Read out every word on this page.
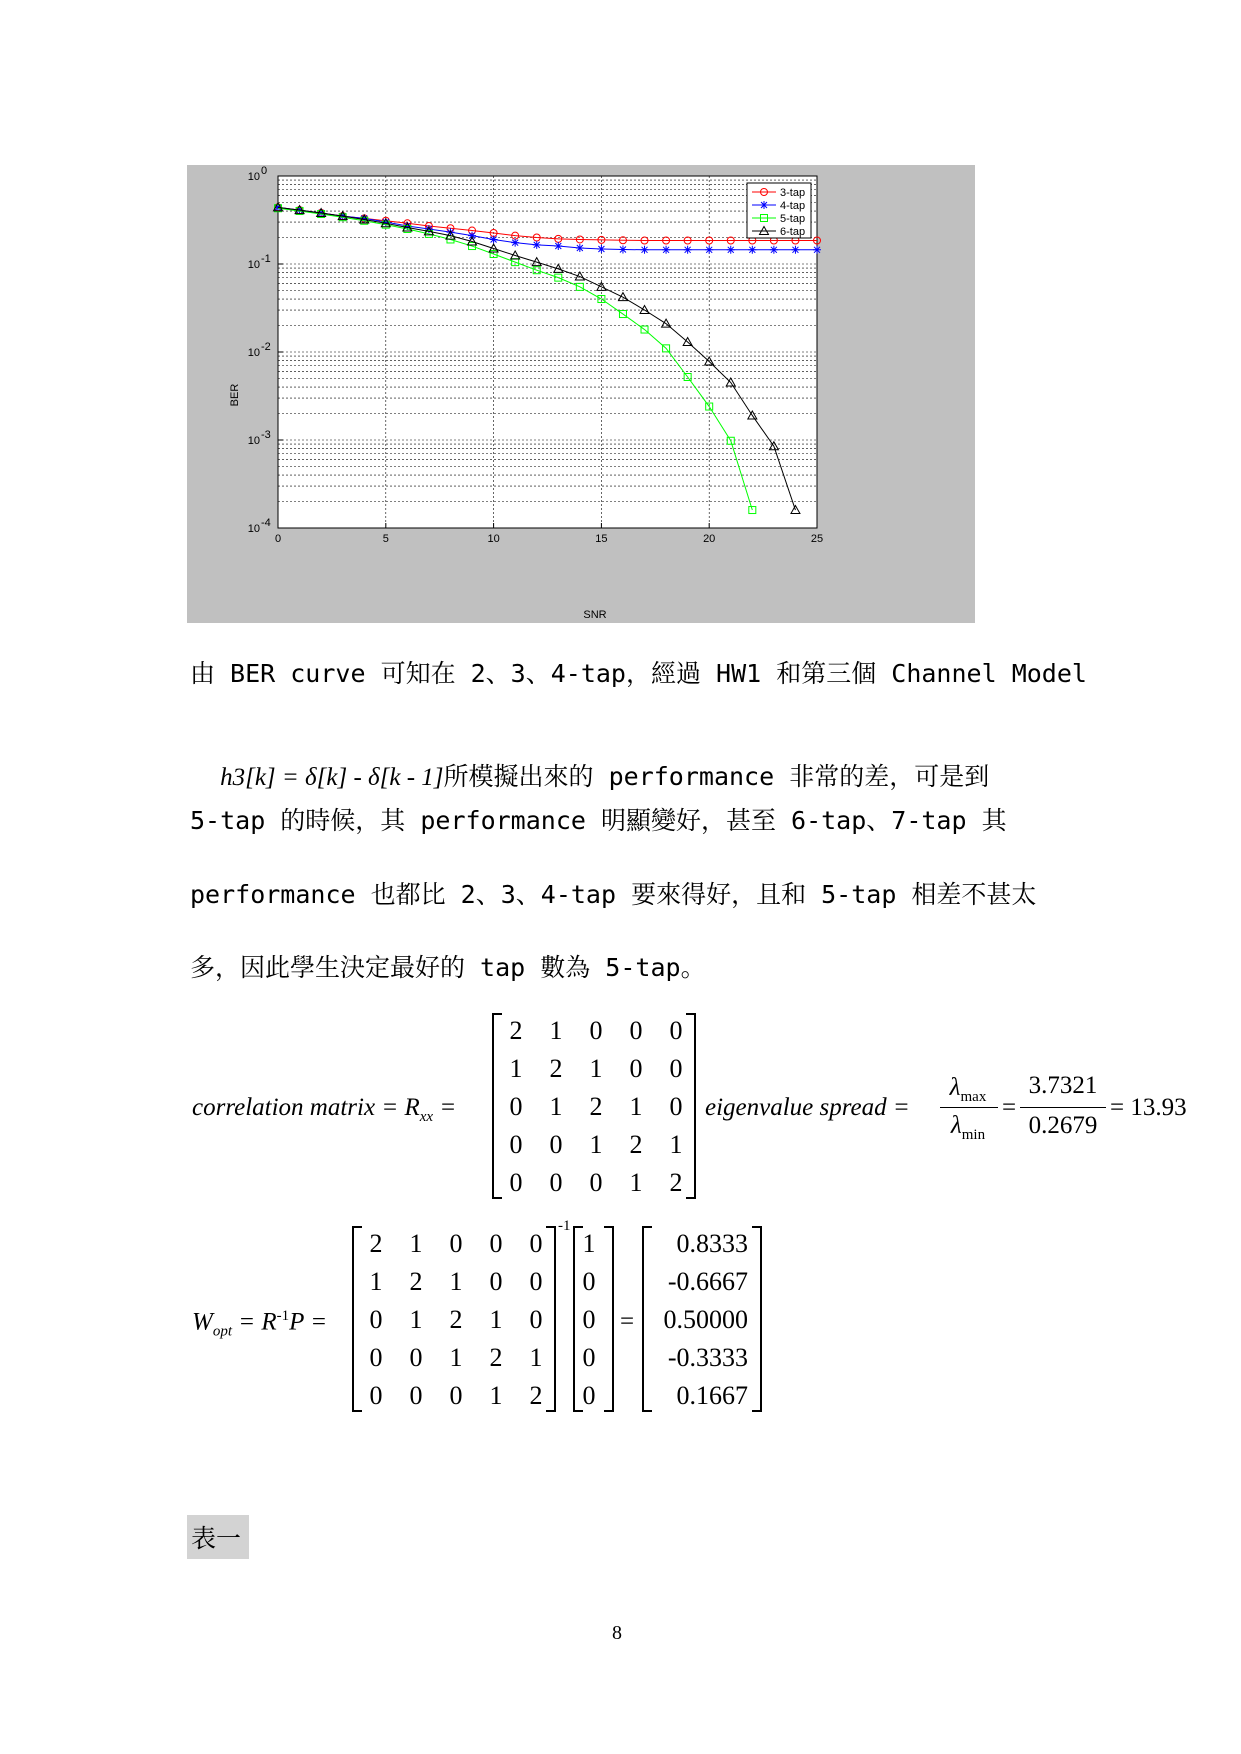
SNR
BER
0	5	10	15	20	25
10 0
10 -1
10 -2
10 -3
10 -4
3-tap
4-tap
5-tap
6-tap
由 BER curve 可知在 2、3、4-tap，經過 HW1 和第三個 Channel Model

h3[k] = δ[k] - δ[k - 1]所模擬出來的 performance 非常的差，可是到

5-tap 的時候，其 performance 明顯變好，甚至 6-tap、7-tap 其
performance 也都比 2、3、4-tap 要來得好，且和 5-tap 相差不甚太
多，因此學生決定最好的 tap 數為 5-tap。
correlation matrix = $R_{xx}$ =
2	1	0	0	0
1	2	1	0	0
0	1	2	1	0
0	0	1	2	1
0	0	0	1	2
eigenvalue spread =
$\lambda_{max}$
$\lambda_{min}$
=
3.7321
0.2679
= 13.93
$W_{opt} = R^{-1}P$ =
2	1	0	0	0
1	2	1	0	0
0	1	2	1	0
0	0	1	2	1
0	0	0	1	2
-1
1
0
0
0
0
=
0.8333
-0.6667
0.50000
-0.3333
0.1667
表一
8
